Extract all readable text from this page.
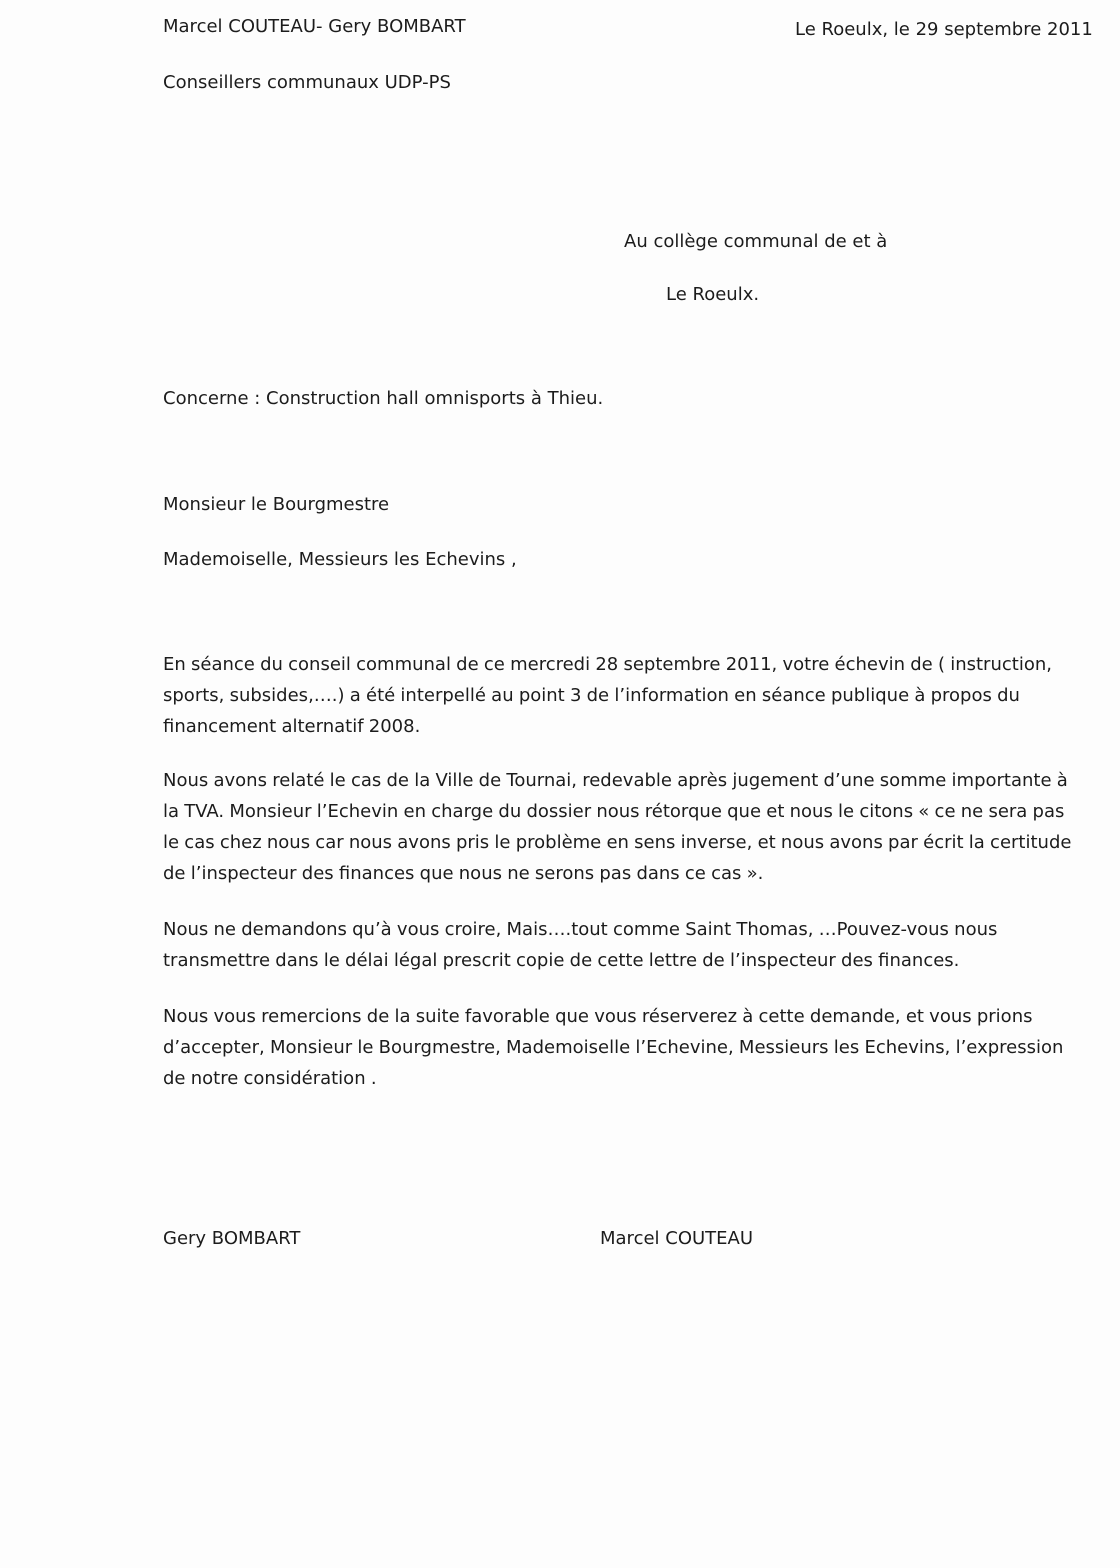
Marcel COUTEAU- Gery BOMBART	Le Roeulx, le 29 septembre 2011
Conseillers communaux UDP-PS
Au collège communal de et à
Le Roeulx.
Concerne : Construction hall omnisports à Thieu.
Monsieur le Bourgmestre
Mademoiselle, Messieurs les Echevins ,
En séance du conseil communal de ce mercredi 28 septembre 2011, votre échevin de ( instruction,
sports, subsides,….) a été interpellé au point 3 de l’information en séance publique à propos du
financement alternatif 2008.
Nous avons relaté le cas de la Ville de Tournai, redevable après jugement d’une somme importante à
la TVA. Monsieur l’Echevin en charge du dossier nous rétorque que et nous le citons « ce ne sera pas
le cas chez nous car nous avons pris le problème en sens inverse, et nous avons par écrit la certitude
de l’inspecteur des finances que nous ne serons pas dans ce cas ».
Nous ne demandons qu’à vous croire, Mais….tout comme Saint Thomas, …Pouvez-vous nous
transmettre dans le délai légal prescrit copie de cette lettre de l’inspecteur des finances.
Nous vous remercions de la suite favorable que vous réserverez à cette demande, et vous prions
d’accepter, Monsieur le Bourgmestre, Mademoiselle l’Echevine, Messieurs les Echevins, l’expression
de notre considération .
Gery BOMBART	Marcel COUTEAU
